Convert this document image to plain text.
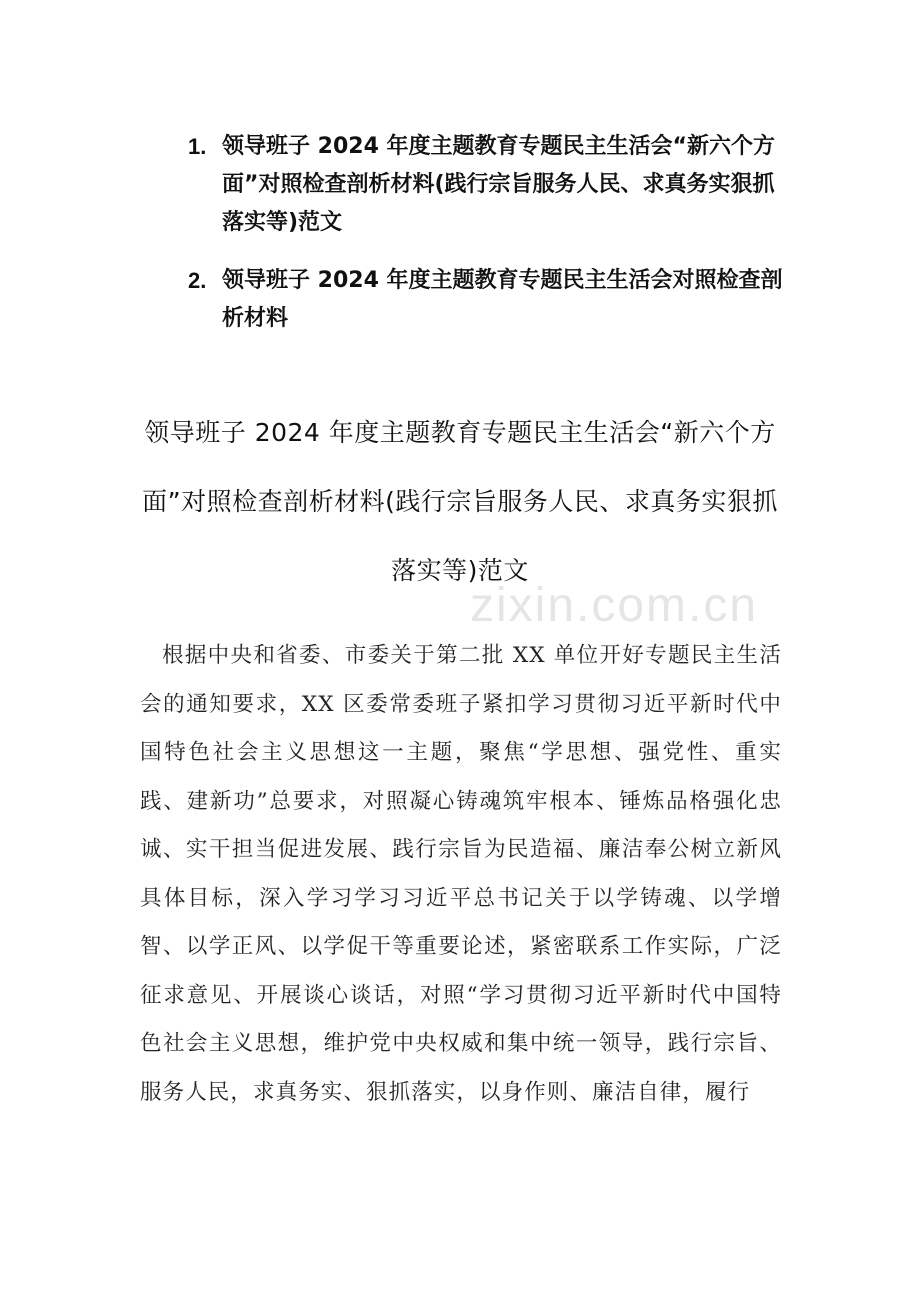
1. 领导班子 2024 年度主题教育专题民主生活会“新六个方面”对照检查剖析材料(践行宗旨服务人民、求真务实狠抓落实等)范文
2. 领导班子 2024 年度主题教育专题民主生活会对照检查剖析材料
领导班子 2024 年度主题教育专题民主生活会“新六个方面”对照检查剖析材料(践行宗旨服务人民、求真务实狠抓落实等)范文
zixin.com.cn

根据中央和省委、市委关于第二批 XX 单位开好专题民主生活会的通知要求，XX 区委常委班子紧扣学习贯彻习近平新时代中国特色社会主义思想这一主题，聚焦“学思想、强党性、重实践、建新功”总要求，对照凝心铸魂筑牢根本、锤炼品格强化忠诚、实干担当促进发展、践行宗旨为民造福、廉洁奉公树立新风具体目标，深入学习学习习近平总书记关于以学铸魂、以学增智、以学正风、以学促干等重要论述，紧密联系工作实际，广泛征求意见、开展谈心谈话，对照“学习贯彻习近平新时代中国特色社会主义思想，维护党中央权威和集中统一领导，践行宗旨、服务人民，求真务实、狠抓落实，以身作则、廉洁自律，履行
